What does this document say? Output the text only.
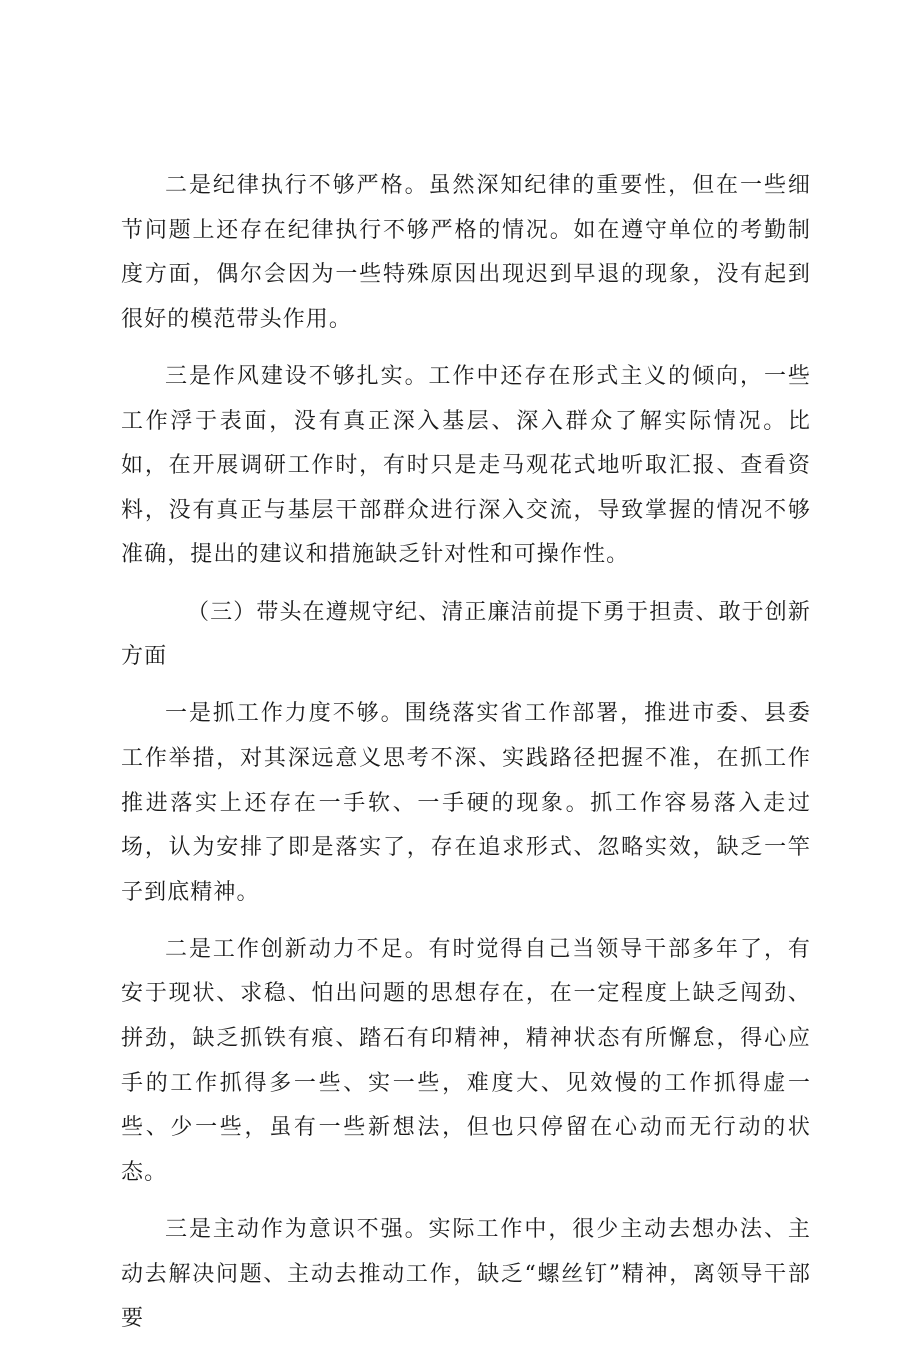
二是纪律执行不够严格。虽然深知纪律的重要性，但在一些细节问题上还存在纪律执行不够严格的情况。如在遵守单位的考勤制度方面，偶尔会因为一些特殊原因出现迟到早退的现象，没有起到很好的模范带头作用。

三是作风建设不够扎实。工作中还存在形式主义的倾向，一些工作浮于表面，没有真正深入基层、深入群众了解实际情况。比如，在开展调研工作时，有时只是走马观花式地听取汇报、查看资料，没有真正与基层干部群众进行深入交流，导致掌握的情况不够准确，提出的建议和措施缺乏针对性和可操作性。

（三）带头在遵规守纪、清正廉洁前提下勇于担责、敢于创新方面

一是抓工作力度不够。围绕落实省工作部署，推进市委、县委工作举措，对其深远意义思考不深、实践路径把握不准，在抓工作推进落实上还存在一手软、一手硬的现象。抓工作容易落入走过场，认为安排了即是落实了，存在追求形式、忽略实效，缺乏一竿子到底精神。

二是工作创新动力不足。有时觉得自己当领导干部多年了，有安于现状、求稳、怕出问题的思想存在，在一定程度上缺乏闯劲、拼劲，缺乏抓铁有痕、踏石有印精神，精神状态有所懈怠，得心应手的工作抓得多一些、实一些，难度大、见效慢的工作抓得虚一些、少一些，虽有一些新想法，但也只停留在心动而无行动的状态。

三是主动作为意识不强。实际工作中，很少主动去想办法、主动去解决问题、主动去推动工作，缺乏“螺丝钉”精神，离领导干部要
